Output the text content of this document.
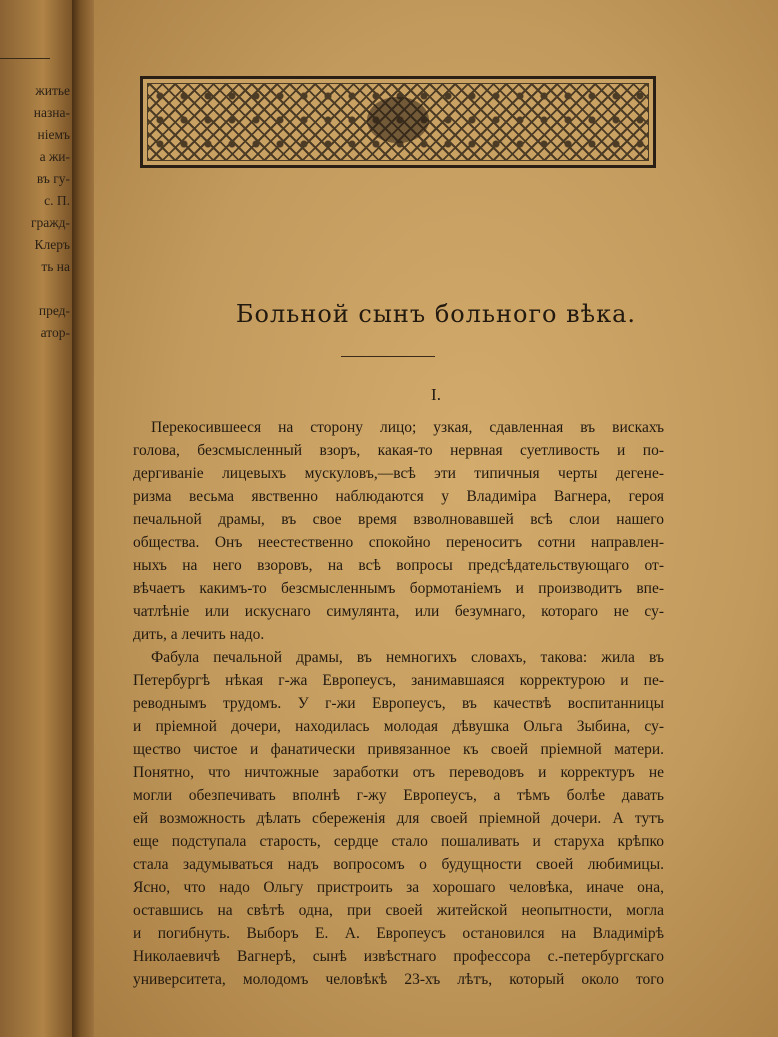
житье
назна-
ніемъ
а жи-
въ гу-
с. П.
гражд-
Клеръ
ть на
пред-
атор-
Больной сынъ больного вѣка.
I.
Перекосившееся на сторону лицо; узкая, сдавленная въ вискахъ
голова, безсмысленный взоръ, какая-то нервная суетливость и по-
дергиваніе лицевыхъ мускуловъ,—всѣ эти типичныя черты дегене-
ризма весьма явственно наблюдаются у Владиміра Вагнера, героя
печальной драмы, въ свое время взволновавшей всѣ слои нашего
общества. Онъ неестественно спокойно переноситъ сотни направлен-
ныхъ на него взоровъ, на всѣ вопросы предсѣдательствующаго от-
вѣчаетъ какимъ-то безсмысленнымъ бормотаніемъ и производитъ впе-
чатлѣніе или искуснаго симулянта, или безумнаго, котораго не су-
дить, а лечить надо.
Фабула печальной драмы, въ немногихъ словахъ, такова: жила въ
Петербургѣ нѣкая г-жа Европеусъ, занимавшаяся корректурою и пе-
реводнымъ трудомъ. У г-жи Европеусъ, въ качествѣ воспитанницы
и пріемной дочери, находилась молодая дѣвушка Ольга Зыбина, су-
щество чистое и фанатически привязанное къ своей пріемной матери.
Понятно, что ничтожные заработки отъ переводовъ и корректуръ не
могли обезпечивать вполнѣ г-жу Европеусъ, а тѣмъ болѣе давать
ей возможность дѣлать сбереженія для своей пріемной дочери. А тутъ
еще подступала старость, сердце стало пошаливать и старуха крѣпко
стала задумываться надъ вопросомъ о будущности своей любимицы.
Ясно, что надо Ольгу пристроить за хорошаго человѣка, иначе она,
оставшись на свѣтѣ одна, при своей житейской неопытности, могла
и погибнуть. Выборъ Е. А. Европеусъ остановился на Владимірѣ
Николаевичѣ Вагнерѣ, сынѣ извѣстнаго профессора с.-петербургскаго
университета, молодомъ человѣкѣ 23-хъ лѣтъ, который около того
